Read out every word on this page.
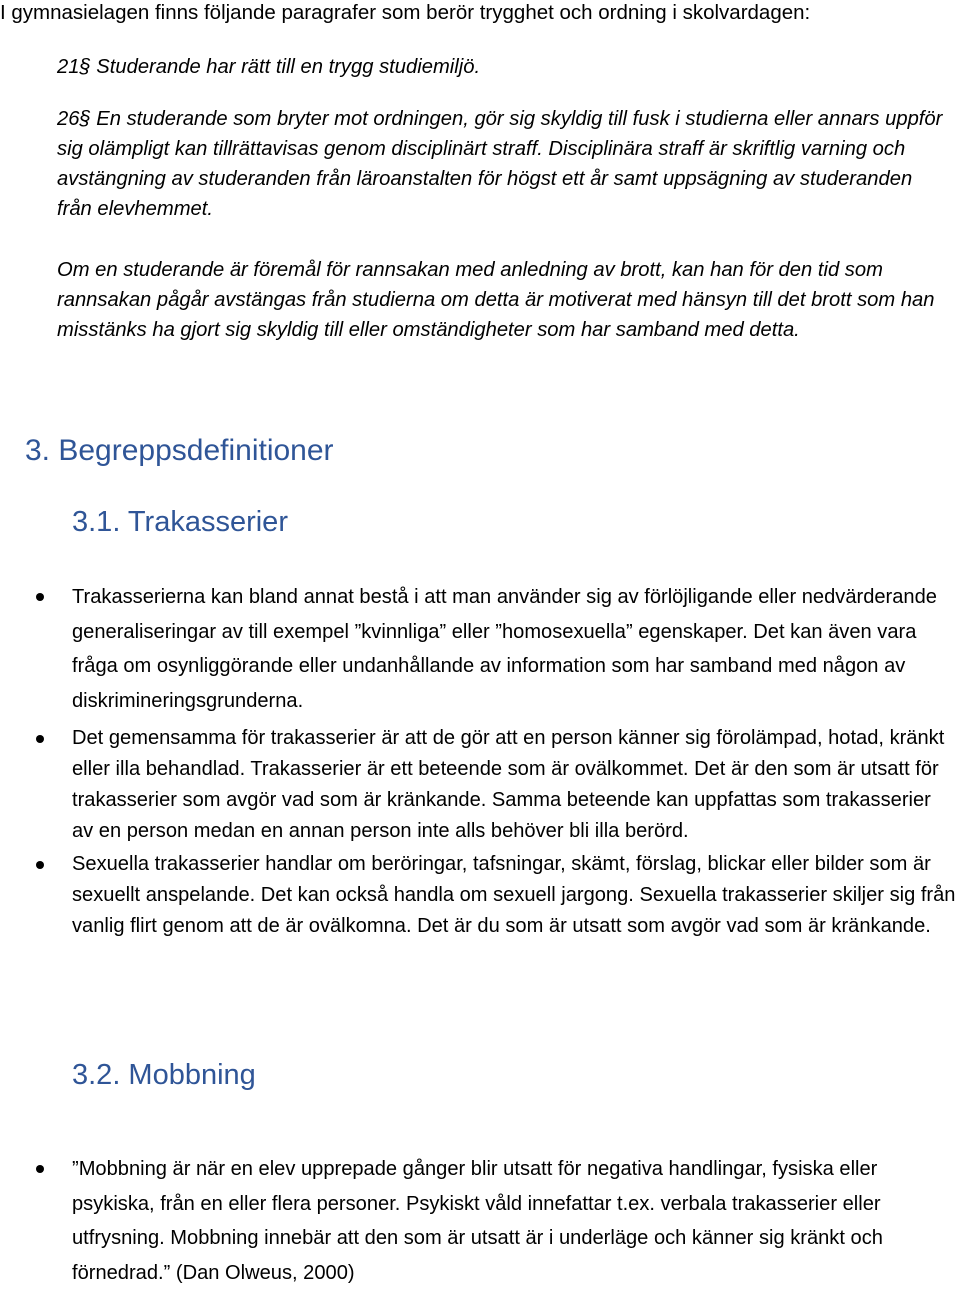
I gymnasielagen finns följande paragrafer som berör trygghet och ordning i skolvardagen:

21§ Studerande har rätt till en trygg studiemiljö.

26§ En studerande som bryter mot ordningen, gör sig skyldig till fusk i studierna eller annars uppför sig olämpligt kan tillrättavisas genom disciplinärt straff. Disciplinära straff är skriftlig varning och avstängning av studeranden från läroanstalten för högst ett år samt uppsägning av studeranden från elevhemmet.

Om en studerande är föremål för rannsakan med anledning av brott, kan han för den tid som rannsakan pågår avstängas från studierna om detta är motiverat med hänsyn till det brott som han misstänks ha gjort sig skyldig till eller omständigheter som har samband med detta.

3. Begreppsdefinitioner
3.1. Trakasserier
Trakasserierna kan bland annat bestå i att man använder sig av förlöjligande eller nedvärderande generaliseringar av till exempel ”kvinnliga” eller ”homosexuella” egenskaper. Det kan även vara fråga om osynliggörande eller undanhållande av information som har samband med någon av diskrimineringsgrunderna.
Det gemensamma för trakasserier är att de gör att en person känner sig förolämpad, hotad, kränkt eller illa behandlad. Trakasserier är ett beteende som är ovälkommet. Det är den som är utsatt för trakasserier som avgör vad som är kränkande. Samma beteende kan uppfattas som trakasserier av en person medan en annan person inte alls behöver bli illa berörd.
Sexuella trakasserier handlar om beröringar, tafsningar, skämt, förslag, blickar eller bilder som är sexuellt anspelande. Det kan också handla om sexuell jargong. Sexuella trakasserier skiljer sig från vanlig flirt genom att de är ovälkomna. Det är du som är utsatt som avgör vad som är kränkande.
3.2. Mobbning
”Mobbning är när en elev upprepade gånger blir utsatt för negativa handlingar, fysiska eller psykiska, från en eller flera personer. Psykiskt våld innefattar t.ex. verbala trakasserier eller utfrysning. Mobbning innebär att den som är utsatt är i underläge och känner sig kränkt och förnedrad.” (Dan Olweus, 2000)
